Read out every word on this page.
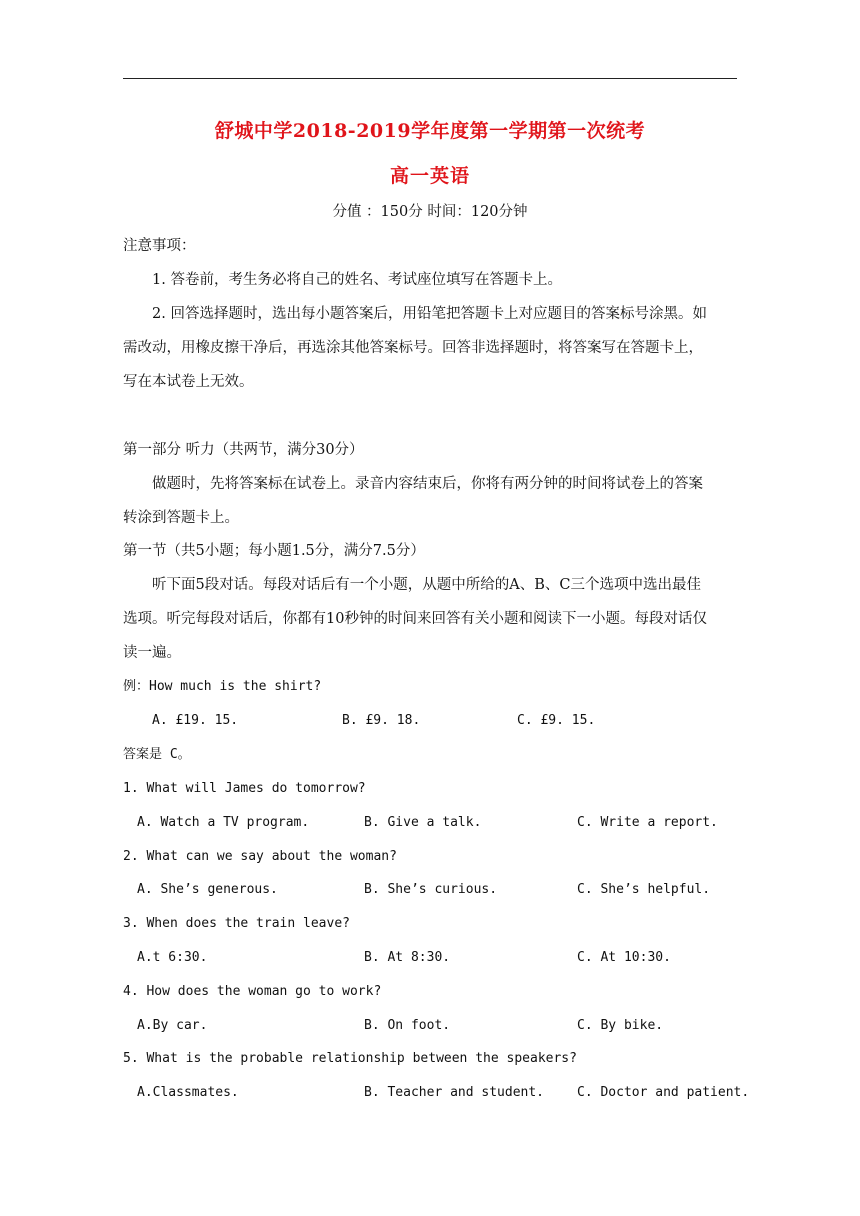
舒城中学2018-2019学年度第一学期第一次统考
高一英语
分值 ：150分 时间：120分钟
注意事项：
1. 答卷前，考生务必将自己的姓名、考试座位填写在答题卡上。
2. 回答选择题时，选出每小题答案后，用铅笔把答题卡上对应题目的答案标号涂黑。如
需改动，用橡皮擦干净后，再选涂其他答案标号。回答非选择题时，将答案写在答题卡上，
写在本试卷上无效。
第一部分 听力（共两节，满分30分）
做题时，先将答案标在试卷上。录音内容结束后，你将有两分钟的时间将试卷上的答案
转涂到答题卡上。
第一节（共5小题；每小题1.5分，满分7.5分）
听下面5段对话。每段对话后有一个小题，从题中所给的A、B、C三个选项中选出最佳
选项。听完每段对话后，你都有10秒钟的时间来回答有关小题和阅读下一小题。每段对话仅
读一遍。
例：How much is the shirt?
A. £19. 15.	B. £9. 18.	C. £9. 15.
答案是 C。
1. What will James do tomorrow?
A. Watch a TV program.	B. Give a talk.	C. Write a report.
2. What can we say about the woman?
A. She’s generous.	B. She’s curious.	C. She’s helpful.
3. When does the train leave?
A.t 6:30.	B. At 8:30.	C. At 10:30.
4. How does the woman go to work?
A.By car.	B. On foot.	C. By bike.
5. What is the probable relationship between the speakers?
A.Classmates.	B. Teacher and student.	C. Doctor and patient.
